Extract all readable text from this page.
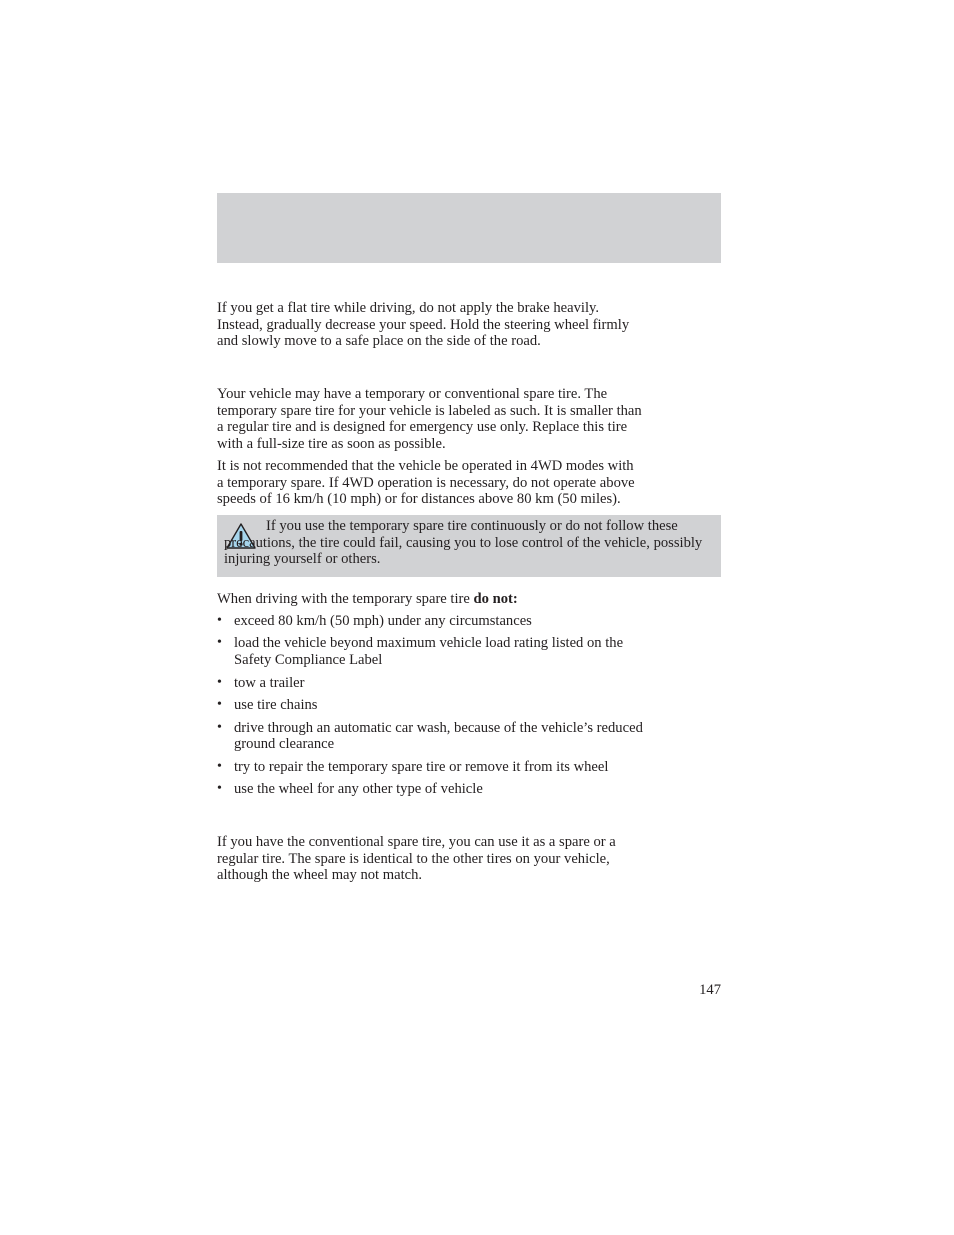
If you get a flat tire while driving, do not apply the brake heavily.
Instead, gradually decrease your speed. Hold the steering wheel firmly
and slowly move to a safe place on the side of the road.

Your vehicle may have a temporary or conventional spare tire. The
temporary spare tire for your vehicle is labeled as such. It is smaller than
a regular tire and is designed for emergency use only. Replace this tire
with a full-size tire as soon as possible.

It is not recommended that the vehicle be operated in 4WD modes with
a temporary spare. If 4WD operation is necessary, do not operate above
speeds of 16 km/h (10 mph) or for distances above 80 km (50 miles).

If you use the temporary spare tire continuously or do not follow these precautions, the tire could fail, causing you to lose control of the vehicle, possibly injuring yourself or others.

When driving with the temporary spare tire do not:

• exceed 80 km/h (50 mph) under any circumstances
• load the vehicle beyond maximum vehicle load rating listed on the
Safety Compliance Label
• tow a trailer
• use tire chains
• drive through an automatic car wash, because of the vehicle’s reduced
ground clearance
• try to repair the temporary spare tire or remove it from its wheel
• use the wheel for any other type of vehicle

If you have the conventional spare tire, you can use it as a spare or a
regular tire. The spare is identical to the other tires on your vehicle,
although the wheel may not match.

147
